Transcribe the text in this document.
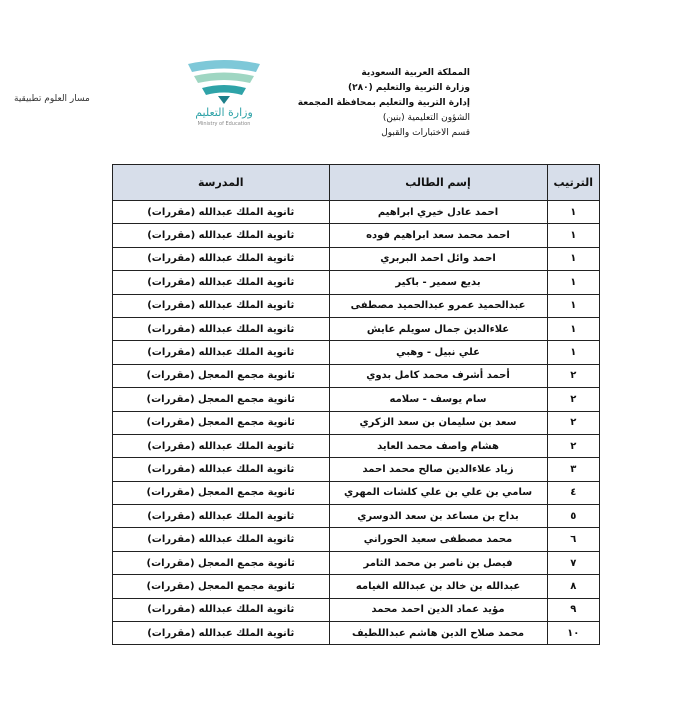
مسار العلوم تطبيقية
وزارة التعليم
Ministry of Education
المملكة العربية السعودية
وزارة التربية والتعليم (٢٨٠)
إدارة التربية والتعليم بمحافظة المجمعة
الشؤون التعليمية (بنين)
قسم الاختبارات والقبول
الترتيب	إسم الطالب	المدرسة
١	احمد عادل خيري ابراهيم	ثانوية الملك عبدالله (مقررات)
١	احمد محمد سعد ابراهيم فوده	ثانوية الملك عبدالله (مقررات)
١	احمد وائل احمد البربري	ثانوية الملك عبدالله (مقررات)
١	بديع سمير - باكير	ثانوية الملك عبدالله (مقررات)
١	عبدالحميد عمرو عبدالحميد مصطفى	ثانوية الملك عبدالله (مقررات)
١	علاءالدين جمال سويلم عايش	ثانوية الملك عبدالله (مقررات)
١	علي نبيل - وهبي	ثانوية الملك عبدالله (مقررات)
٢	أحمد أشرف محمد كامل بدوي	ثانوية مجمع المعجل (مقررات)
٢	سام يوسف - سلامه	ثانوية مجمع المعجل (مقررات)
٢	سعد بن سليمان بن سعد الزكري	ثانوية مجمع المعجل (مقررات)
٢	هشام واصف محمد العايد	ثانوية الملك عبدالله (مقررات)
٣	زياد علاءالدين صالح محمد احمد	ثانوية الملك عبدالله (مقررات)
٤	سامي بن علي بن علي كلشات المهري	ثانوية مجمع المعجل (مقررات)
٥	بداح بن مساعد بن سعد الدوسري	ثانوية الملك عبدالله (مقررات)
٦	محمد مصطفى سعيد الحوراني	ثانوية الملك عبدالله (مقررات)
٧	فيصل بن ناصر بن محمد الثامر	ثانوية مجمع المعجل (مقررات)
٨	عبدالله بن خالد بن عبدالله الغيامه	ثانوية مجمع المعجل (مقررات)
٩	مؤيد عماد الدين احمد محمد	ثانوية الملك عبدالله (مقررات)
١٠	محمد صلاح الدين هاشم عبداللطيف	ثانوية الملك عبدالله (مقررات)
